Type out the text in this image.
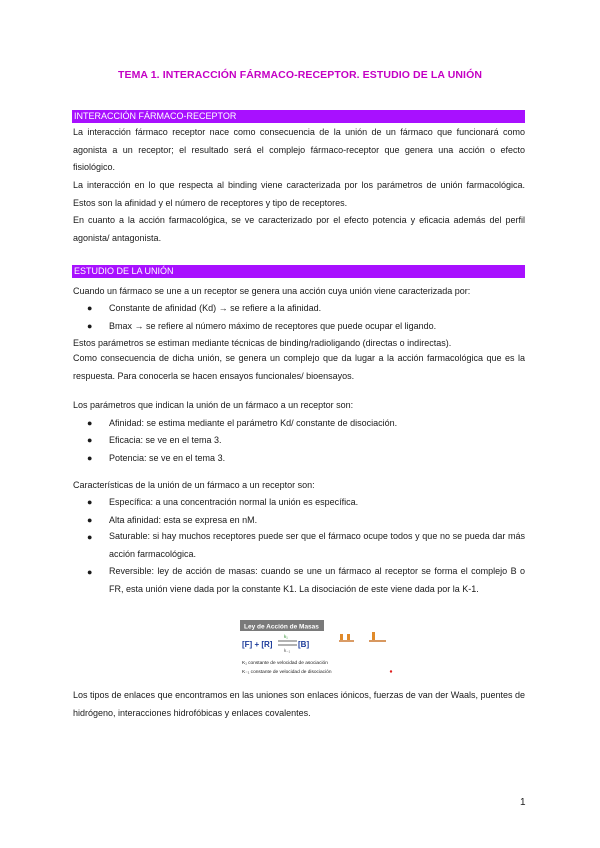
TEMA 1. INTERACCIÓN FÁRMACO-RECEPTOR. ESTUDIO DE LA UNIÓN
INTERACCIÓN FÁRMACO-RECEPTOR

La interacción fármaco receptor nace como consecuencia de la unión de un fármaco que funcionará como agonista a un receptor; el resultado será el complejo fármaco-receptor que genera una acción o efecto fisiológico.

La interacción en lo que respecta al binding viene caracterizada por los parámetros de unión farmacológica. Estos son la afinidad y el número de receptores y tipo de receptores.

En cuanto a la acción farmacológica, se ve caracterizado por el efecto potencia y eficacia además del perfil agonista/ antagonista.

ESTUDIO DE LA UNIÓN
Cuando un fármaco se une a un receptor se genera una acción cuya unión viene caracterizada por:
● Constante de afinidad (Kd) → se refiere a la afinidad.
● Bmax → se refiere al número máximo de receptores que puede ocupar el ligando.
Estos parámetros se estiman mediante técnicas de binding/radioligando (directas o indirectas).

Como consecuencia de dicha unión, se genera un complejo que da lugar a la acción farmacológica que es la respuesta. Para conocerla se hacen ensayos funcionales/ bioensayos.

Los parámetros que indican la unión de un fármaco a un receptor son:
● Afinidad: se estima mediante el parámetro Kd/ constante de disociación.
● Eficacia: se ve en el tema 3.
● Potencia: se ve en el tema 3.
Características de la unión de un fármaco a un receptor son:
● Específica: a una concentración normal la unión es específica.
● Alta afinidad: esta se expresa en nM.
● Saturable: si hay muchos receptores puede ser que el fármaco ocupe todos y que no se pueda dar más acción farmacológica.

● Reversible: ley de acción de masas: cuando se une un fármaco al receptor se forma el complejo B o FR, esta unión viene dada por la constante K1. La disociación de este viene dada por la K-1.

Ley de Acción de Masas
[F] + [R]
k₁
k₋₁
[B]
K₁ constante de velocidad de asociación
K₋₁ constante de velocidad de disociación

Los tipos de enlaces que encontramos en las uniones son enlaces iónicos, fuerzas de van der Waals, puentes de hidrógeno, interacciones hidrofóbicas y enlaces covalentes.

1
